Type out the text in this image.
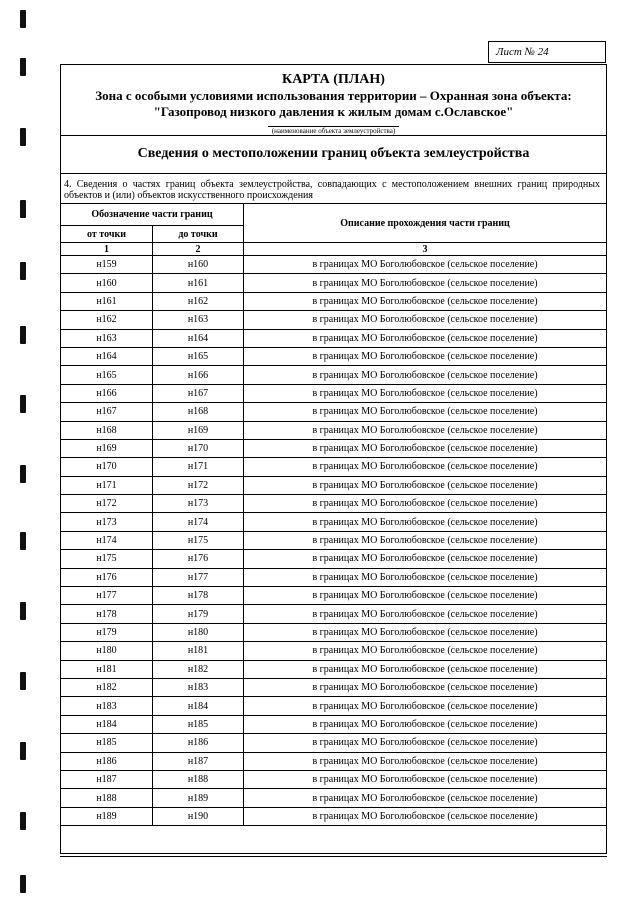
Лист № 24
КАРТА (ПЛАН)
Зона с особыми условиями использования территории – Охранная зона объекта:
"Газопровод низкого давления к жилым домам с.Ославское"
(наименование объекта землеустройства)
Сведения о местоположении границ объекта землеустройства
4. Сведения о частях границ объекта землеустройства, совпадающих с местоположением внешних границ природных объектов и (или) объектов искусственного происхождения
Обозначение части границ		Описание прохождения части границ
от точки	до точки	
1	2	3
н159	н160	в границах МО Боголюбовское (сельское поселение)
н160	н161	в границах МО Боголюбовское (сельское поселение)
н161	н162	в границах МО Боголюбовское (сельское поселение)
н162	н163	в границах МО Боголюбовское (сельское поселение)
н163	н164	в границах МО Боголюбовское (сельское поселение)
н164	н165	в границах МО Боголюбовское (сельское поселение)
н165	н166	в границах МО Боголюбовское (сельское поселение)
н166	н167	в границах МО Боголюбовское (сельское поселение)
н167	н168	в границах МО Боголюбовское (сельское поселение)
н168	н169	в границах МО Боголюбовское (сельское поселение)
н169	н170	в границах МО Боголюбовское (сельское поселение)
н170	н171	в границах МО Боголюбовское (сельское поселение)
н171	н172	в границах МО Боголюбовское (сельское поселение)
н172	н173	в границах МО Боголюбовское (сельское поселение)
н173	н174	в границах МО Боголюбовское (сельское поселение)
н174	н175	в границах МО Боголюбовское (сельское поселение)
н175	н176	в границах МО Боголюбовское (сельское поселение)
н176	н177	в границах МО Боголюбовское (сельское поселение)
н177	н178	в границах МО Боголюбовское (сельское поселение)
н178	н179	в границах МО Боголюбовское (сельское поселение)
н179	н180	в границах МО Боголюбовское (сельское поселение)
н180	н181	в границах МО Боголюбовское (сельское поселение)
н181	н182	в границах МО Боголюбовское (сельское поселение)
н182	н183	в границах МО Боголюбовское (сельское поселение)
н183	н184	в границах МО Боголюбовское (сельское поселение)
н184	н185	в границах МО Боголюбовское (сельское поселение)
н185	н186	в границах МО Боголюбовское (сельское поселение)
н186	н187	в границах МО Боголюбовское (сельское поселение)
н187	н188	в границах МО Боголюбовское (сельское поселение)
н188	н189	в границах МО Боголюбовское (сельское поселение)
н189	н190	в границах МО Боголюбовское (сельское поселение)
